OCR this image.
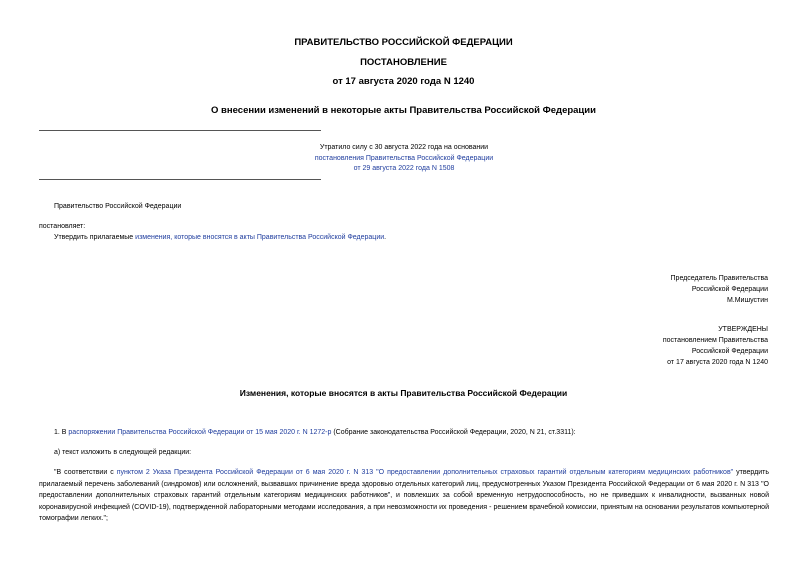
ПРАВИТЕЛЬСТВО РОССИЙСКОЙ ФЕДЕРАЦИИ
ПОСТАНОВЛЕНИЕ
от 17 августа 2020 года N 1240
О внесении изменений в некоторые акты Правительства Российской Федерации
Утратило силу с 30 августа 2022 года на основании
постановления Правительства Российской Федерации
от 29 августа 2022 года N 1508
Правительство Российской Федерации
постановляет:
Утвердить прилагаемые изменения, которые вносятся в акты Правительства Российской Федерации.
Председатель Правительства
Российской Федерации
М.Мишустин
УТВЕРЖДЕНЫ
постановлением Правительства
Российской Федерации
от 17 августа 2020 года N 1240
Изменения, которые вносятся в акты Правительства Российской Федерации
1. В распоряжении Правительства Российской Федерации от 15 мая 2020 г. N 1272-р (Собрание законодательства Российской Федерации, 2020, N 21, ст.3311):
а) текст изложить в следующей редакции:
"В соответствии с пунктом 2 Указа Президента Российской Федерации от 6 мая 2020 г. N 313 "О предоставлении дополнительных страховых гарантий отдельным категориям медицинских работников" утвердить прилагаемый перечень заболеваний (синдромов) или осложнений, вызвавших причинение вреда здоровью отдельных категорий лиц, предусмотренных Указом Президента Российской Федерации от 6 мая 2020 г. N 313 "О предоставлении дополнительных страховых гарантий отдельным категориям медицинских работников", и повлекших за собой временную нетрудоспособность, но не приведших к инвалидности, вызванных новой коронавирусной инфекцией (COVID-19), подтвержденной лабораторными методами исследования, а при невозможности их проведения - решением врачебной комиссии, принятым на основании результатов компьютерной томографии легких.";
